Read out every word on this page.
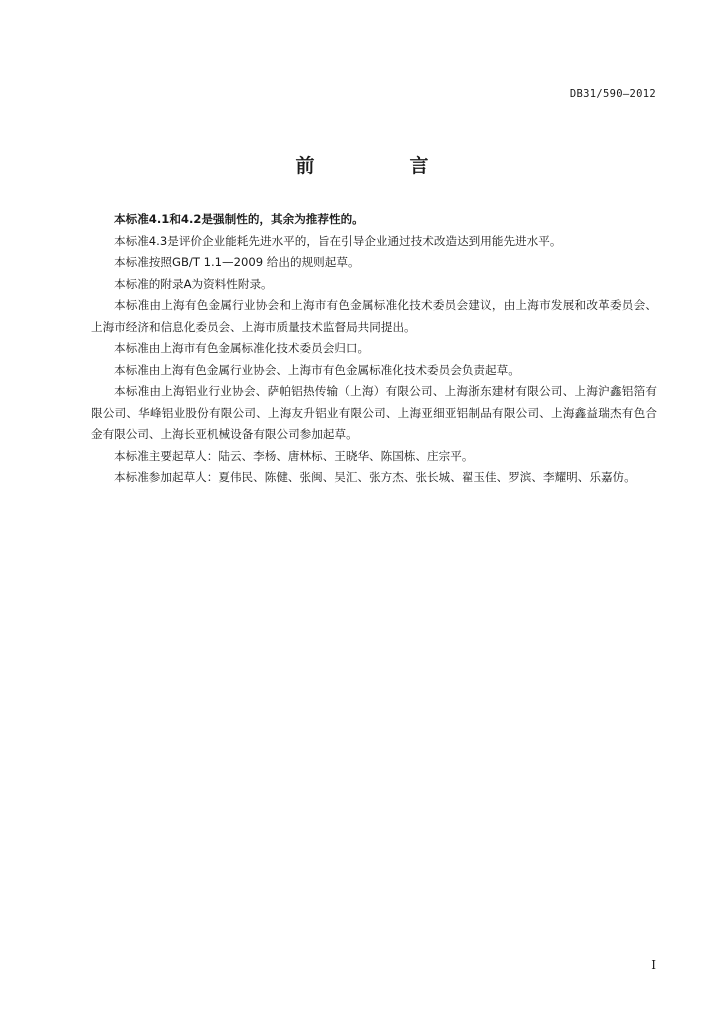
DB31/590—2012
前　言

本标准4.1和4.2是强制性的，其余为推荐性的。

本标准4.3是评价企业能耗先进水平的，旨在引导企业通过技术改造达到用能先进水平。

本标准按照GB/T 1.1—2009 给出的规则起草。

本标准的附录A为资料性附录。

本标准由上海有色金属行业协会和上海市有色金属标准化技术委员会建议，由上海市发展和改革委员会、上海市经济和信息化委员会、上海市质量技术监督局共同提出。

本标准由上海市有色金属标准化技术委员会归口。

本标准由上海有色金属行业协会、上海市有色金属标准化技术委员会负责起草。

本标准由上海铝业行业协会、萨帕铝热传输（上海）有限公司、上海浙东建材有限公司、上海沪鑫铝箔有限公司、华峰铝业股份有限公司、上海友升铝业有限公司、上海亚细亚铝制品有限公司、上海鑫益瑞杰有色合金有限公司、上海长亚机械设备有限公司参加起草。

本标准主要起草人：陆云、李杨、唐林标、王晓华、陈国栋、庄宗平。

本标准参加起草人：夏伟民、陈健、张闽、吴汇、张方杰、张长城、翟玉佳、罗滨、李耀明、乐嘉仿。

I
